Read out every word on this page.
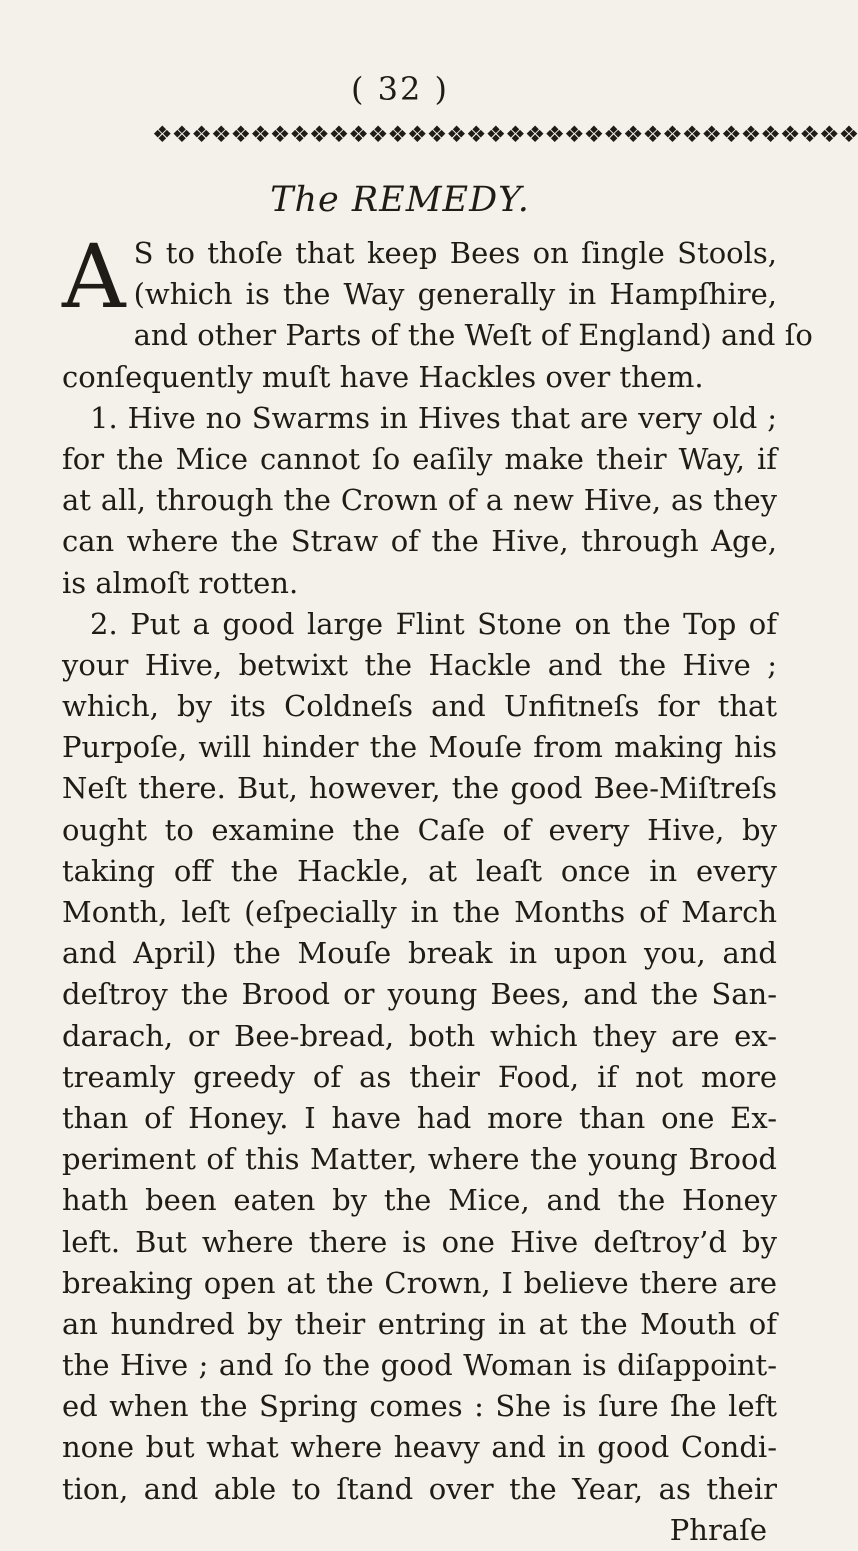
( 32 )
❖❖❖❖❖❖❖❖❖❖❖❖❖❖❖❖❖❖❖❖❖❖❖❖❖❖❖❖❖❖❖❖❖❖❖❖
The REMEDY.
A S to thoſe that keep Bees on ſingle Stools,
(which is the Way generally in Hampſhire,
and other Parts of the Weſt of England) and ſo
conſequently muſt have Hackles over them.
1. Hive no Swarms in Hives that are very old ;
for the Mice cannot ſo eaſily make their Way, if
at all, through the Crown of a new Hive, as they
can where the Straw of the Hive, through Age,
is almoſt rotten.
2. Put a good large Flint Stone on the Top of
your Hive, betwixt the Hackle and the Hive ;
which, by its Coldneſs and Unfitneſs for that
Purpoſe, will hinder the Mouſe from making his
Neſt there. But, however, the good Bee-Miſtreſs
ought to examine the Caſe of every Hive, by
taking off the Hackle, at leaſt once in every
Month, leſt (eſpecially in the Months of March
and April) the Mouſe break in upon you, and
deſtroy the Brood or young Bees, and the San-
darach, or Bee-bread, both which they are ex-
treamly greedy of as their Food, if not more
than of Honey. I have had more than one Ex-
periment of this Matter, where the young Brood
hath been eaten by the Mice, and the Honey
left. But where there is one Hive deſtroy’d by
breaking open at the Crown, I believe there are
an hundred by their entring in at the Mouth of
the Hive ; and ſo the good Woman is diſappoint-
ed when the Spring comes : She is ſure ſhe left
none but what where heavy and in good Condi-
tion, and able to ſtand over the Year, as their
Phraſe
